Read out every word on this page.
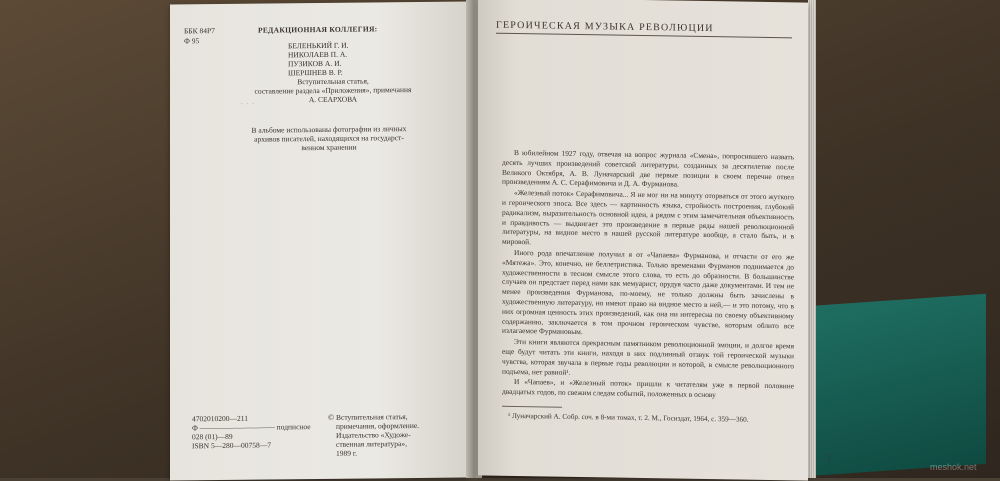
· · ·
ББК 84Р7
Ф 95
РЕДАКЦИОННАЯ КОЛЛЕГИЯ:
БЕЛЕНЬКИЙ Г. И.
НИКОЛАЕВ П. А.
ПУЗИКОВ А. И.
ШЕРШНЕВ В. Р.
Вступительная статья,
составление раздела «Приложения», примечания
А. СЕАРХОВА
В альбоме использованы фотографии из личных
архивов писателей, находящихся на государст-
венном хранении
4702010200—211
Ф —————————— подписное
028 (01)—89
ISBN 5—280—00758—7
© Вступительная статья,
примечания, оформление.
Издательство «Художе-
ственная литература»,
1989 г.
ГЕРОИЧЕСКАЯ МУЗЫКА РЕВОЛЮЦИИ

В юбилейном 1927 году, отвечая на вопрос журнала «Смена», попросившего назвать десять лучших произведений советской литературы, созданных за десятилетие после Великого Октября, А. В. Луначарский две первые позиции в своем перечне отвел произведениям А. С. Серафимовича и Д. А. Фурманова.

«Железный поток» Серафимовича... Я не мог ни на минуту оторваться от этого жуткого и героического эпоса. Все здесь — картинность языка, стройность построения, глубокий радикализм, выразительность основной идеи, а рядом с этим замечательная объективность и правдивость — выдвигает это произведение в первые ряды нашей революционной литературы, на видное место в нашей русской литературе вообще, а стало быть, и в мировой.

Иного рода впечатление получил я от «Чапаева» Фурманова, и отчасти от его же «Мятежа». Это, конечно, не беллетристика. Только временами Фурманов поднимается до художественности в тесном смысле этого слова, то есть до образности. В большинстве случаев он предстает перед нами как мемуарист, орудуя часто даже документами. И тем не менее произведения Фурманова, по-моему, не только должны быть зачислены в художественную литературу, но имеют право на видное место в ней,— и это потому, что в них огромная ценность этих произведений, как она ни интересна по своему объективному содержанию, заключается в том прочном героическом чувстве, которым облито все излагаемое Фурмановым.

Эти книги являются прекрасным памятником революционной эмоции, и долгое время еще будут читать эти книги, находя в них подлинный отзвук той героической музыки чувства, которая звучала в первые годы революции и которой, в смысле революционного подъема, нет равной¹.

И «Чапаев», и «Железный поток» пришли к читателям уже в первой половине двадцатых годов, по свежим следам событий, положенных в основу

¹ Луначарский А. Собр. соч. в 8-ми томах, т. 2. М., Госиздат, 1964, с. 359—360.
3
meshok.net
